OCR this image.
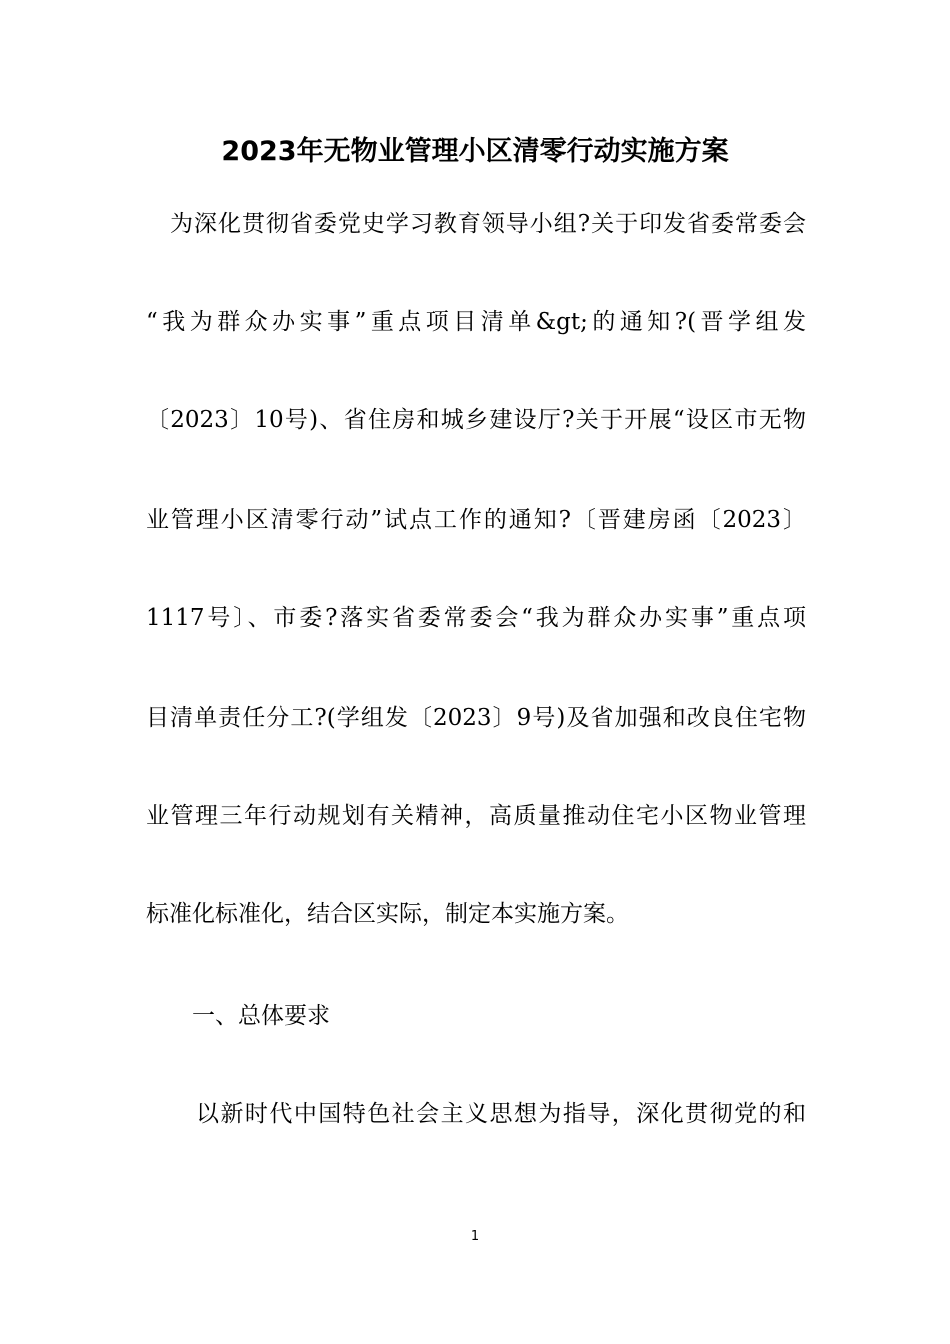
2023年无物业管理小区清零行动实施方案

　为深化贯彻省委党史学习教育领导小组?关于印发省委常委会

“我为群众办实事”重点项目清单&gt;的通知?(晋学组发

〔2023〕10号)、省住房和城乡建设厅?关于开展“设区市无物

业管理小区清零行动”试点工作的通知?〔晋建房函〔2023〕

1117号〕、市委?落实省委常委会“我为群众办实事”重点项

目清单责任分工?(学组发〔2023〕9号)及省加强和改良住宅物

业管理三年行动规划有关精神，高质量推动住宅小区物业管理

标准化标准化，结合区实际，制定本实施方案。

一、总体要求

以新时代中国特色社会主义思想为指导，深化贯彻党的和

1
